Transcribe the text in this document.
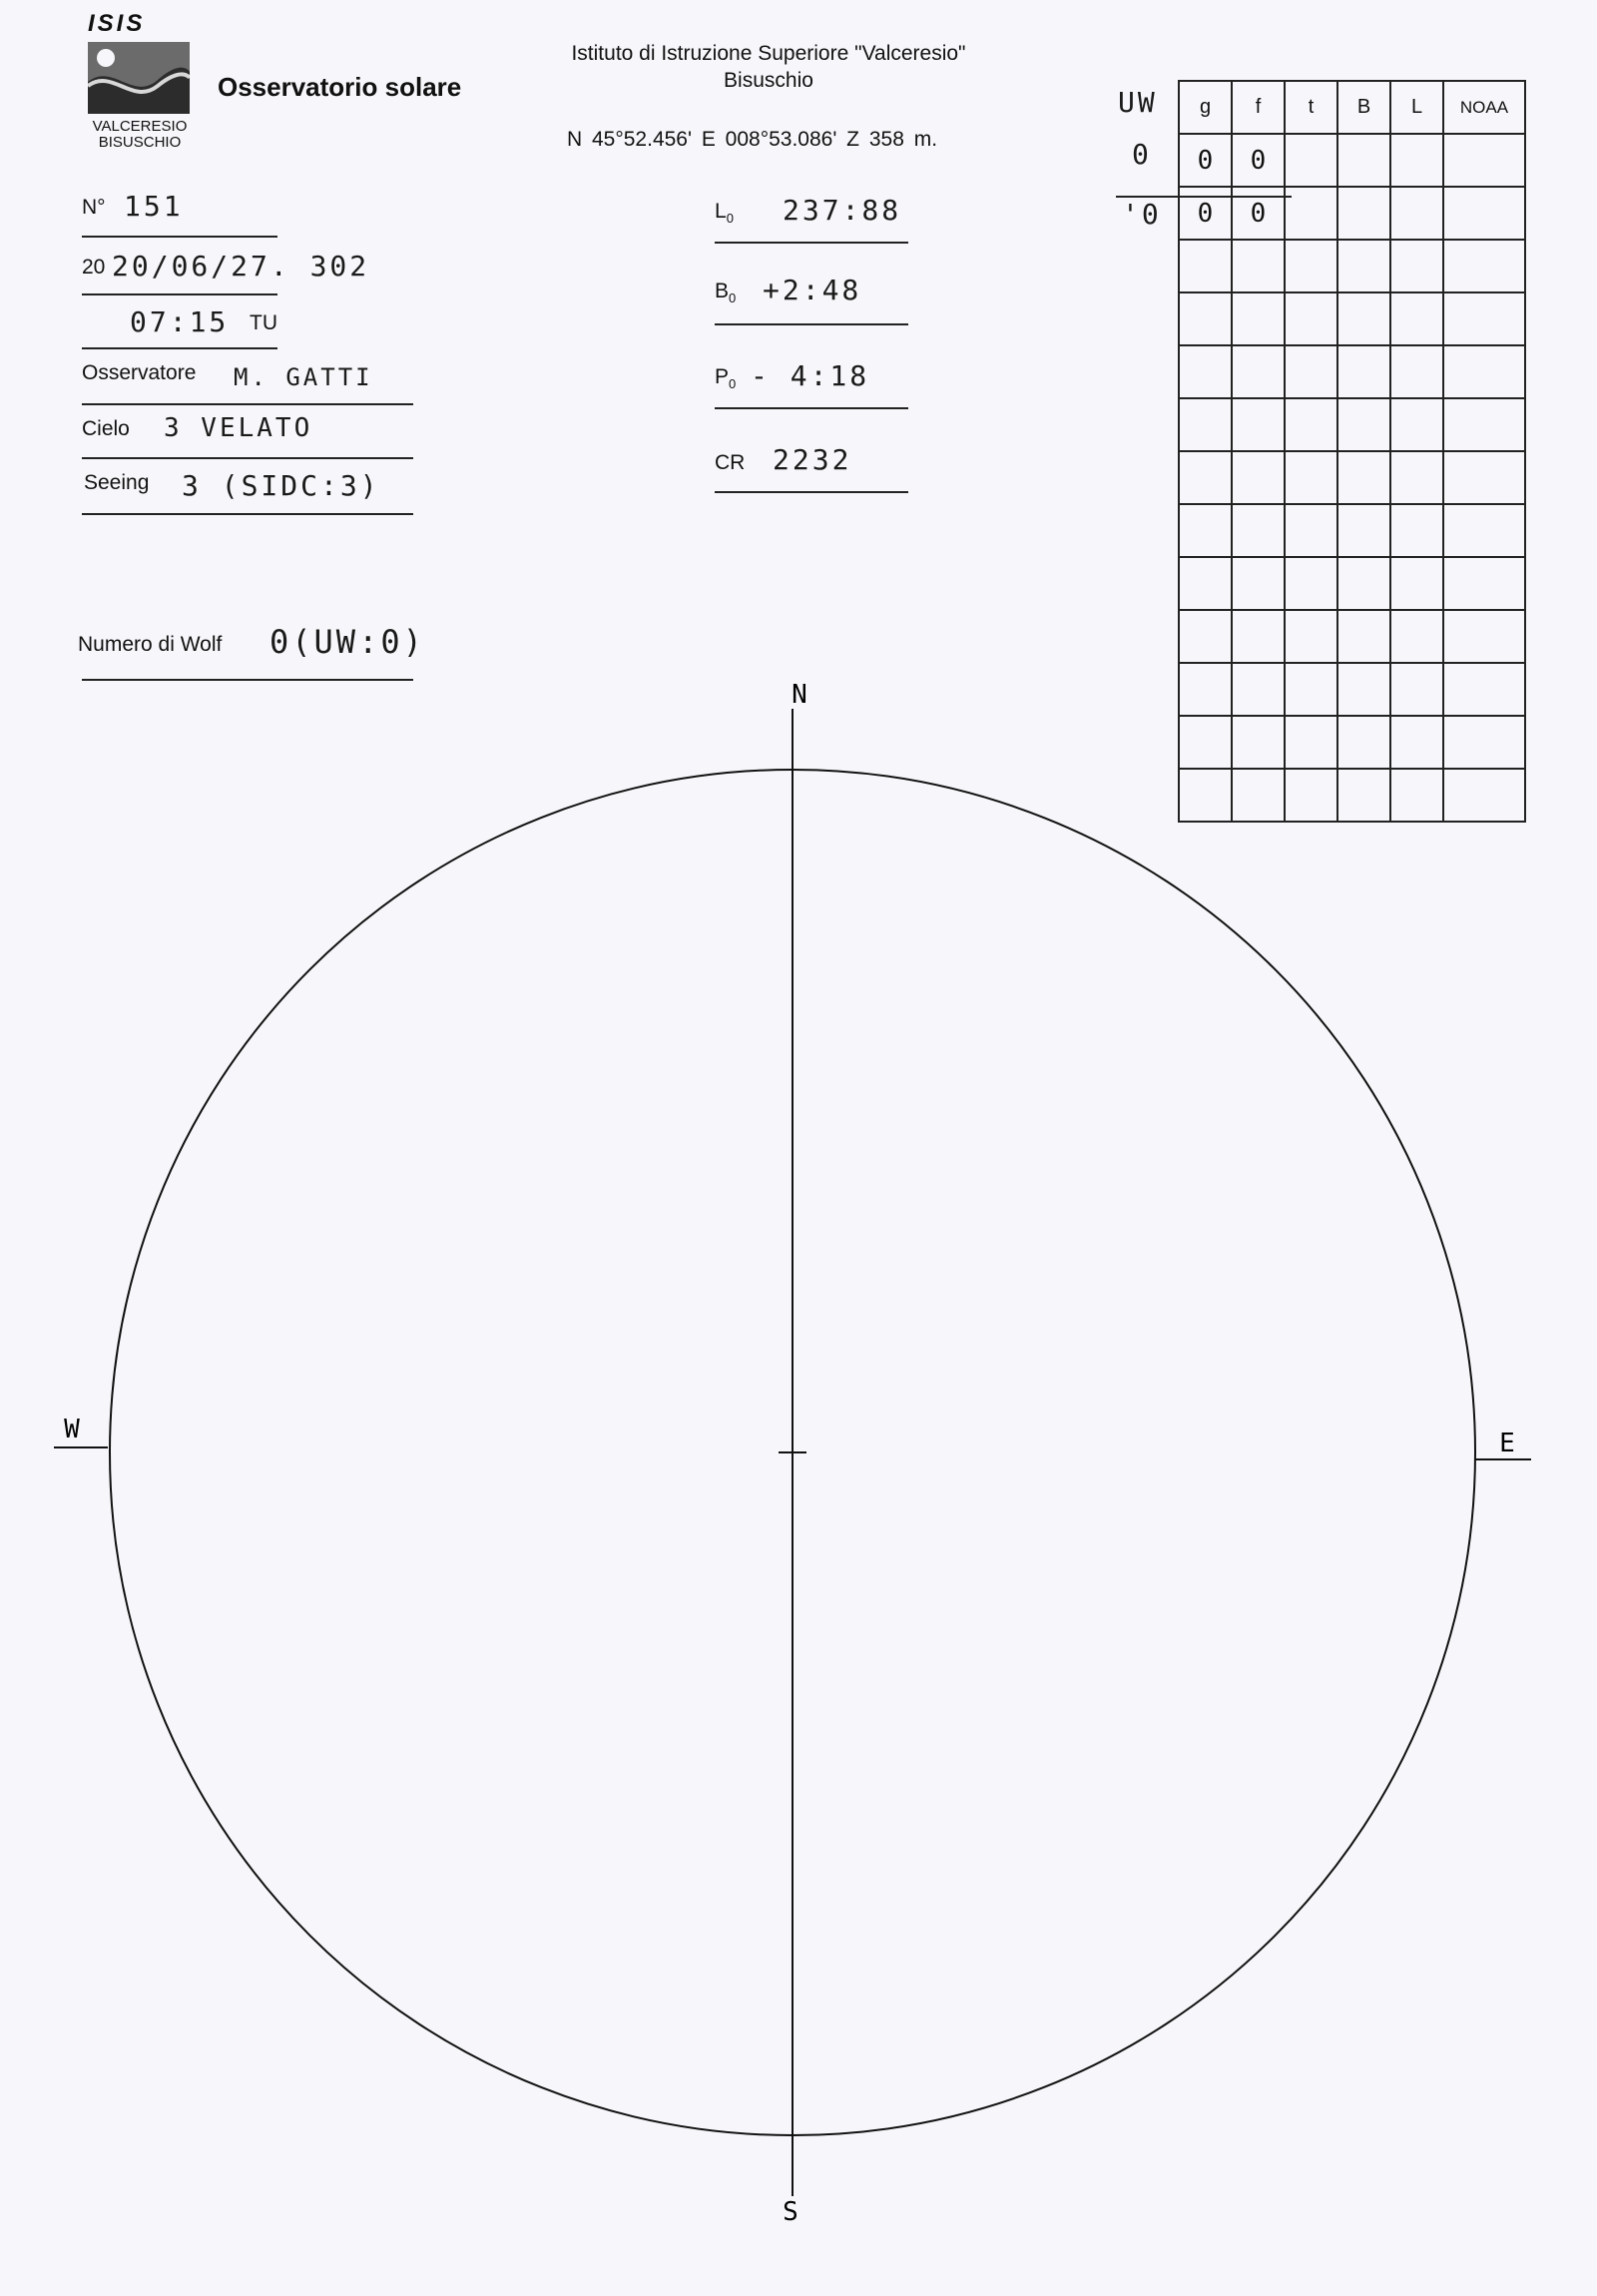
ISIS
VALCERESIO
BISUSCHIO
Osservatorio solare
Istituto di Istruzione Superiore "Valceresio"
Bisuschio
N 45°52.456' E 008°53.086' Z 358 m.
N° 151
20 20/06/27. 302
07:15 TU
Osservatore M. GATTI
Cielo 3 VELATO
Seeing 3 (SIDC:3)
Numero di Wolf 0(UW:0)
$L_0$ 237:88
$B_0$ +2:48
$P_0$ - 4:18
CR 2232
UW
0
'0
g	f	t	B	L	NOAA
0	0				
0	0				

N
S
W	E
